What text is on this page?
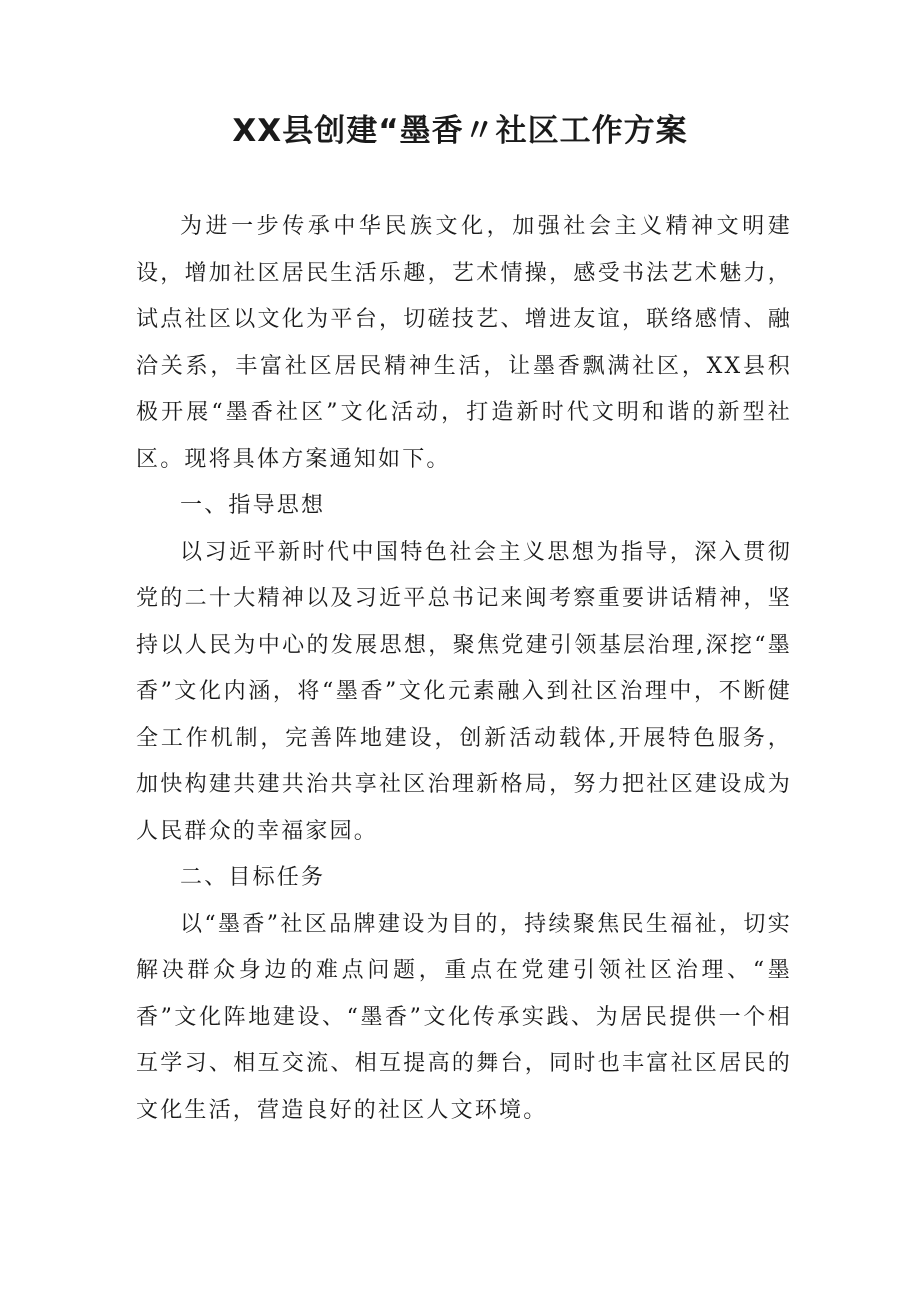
XX县创建“墨香〃社区工作方案

为进一步传承中华民族文化，加强社会主义精神文明建设，增加社区居民生活乐趣，艺术情操，感受书法艺术魅力，试点社区以文化为平台，切磋技艺、增进友谊，联络感情、融洽关系，丰富社区居民精神生活，让墨香飘满社区，XX县积极开展“墨香社区”文化活动，打造新时代文明和谐的新型社区。现将具体方案通知如下。

一、指导思想

以习近平新时代中国特色社会主义思想为指导，深入贯彻党的二十大精神以及习近平总书记来闽考察重要讲话精神，坚持以人民为中心的发展思想，聚焦党建引领基层治理,深挖“墨香”文化内涵，将“墨香”文化元素融入到社区治理中，不断健全工作机制，完善阵地建设，创新活动载体,开展特色服务，加快构建共建共治共享社区治理新格局，努力把社区建设成为人民群众的幸福家园。

二、目标任务

以“墨香”社区品牌建设为目的，持续聚焦民生福祉，切实解决群众身边的难点问题，重点在党建引领社区治理、“墨香”文化阵地建设、“墨香”文化传承实践、为居民提供一个相互学习、相互交流、相互提高的舞台，同时也丰富社区居民的文化生活，营造良好的社区人文环境。
